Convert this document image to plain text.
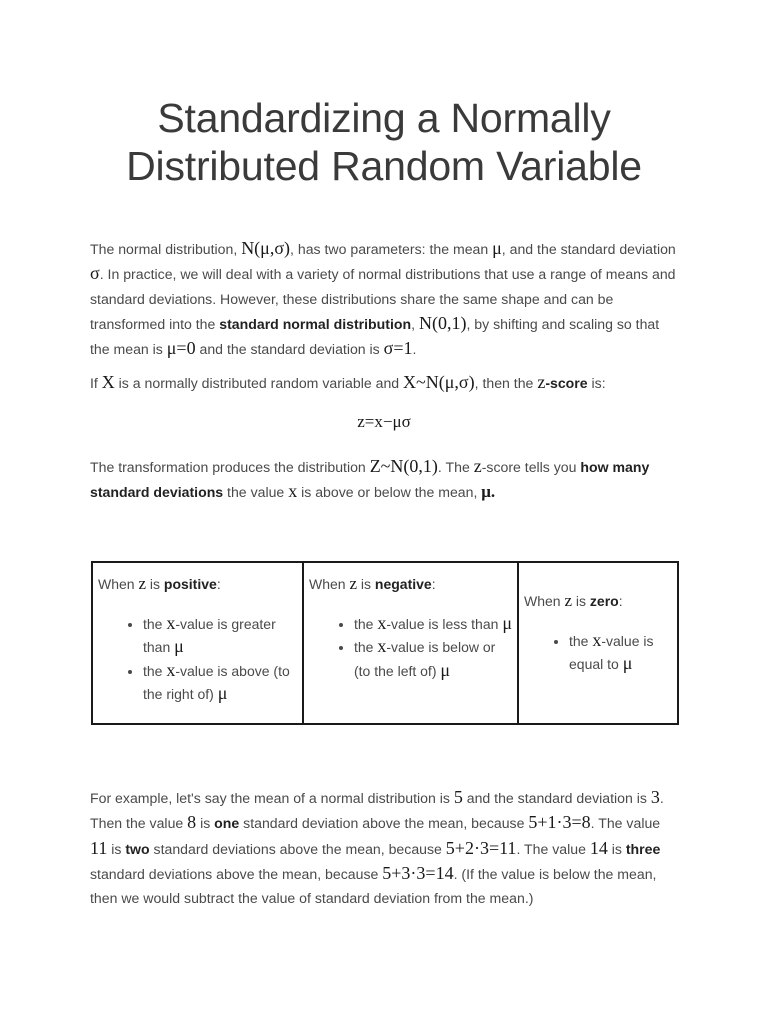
Standardizing a Normally
Distributed Random Variable

The normal distribution, N(μ,σ), has two parameters: the mean μ, and the standard deviation σ. In practice, we will deal with a variety of normal distributions that use a range of means and standard deviations. However, these distributions share the same shape and can be transformed into the standard normal distribution, N(0,1), by shifting and scaling so that the mean is μ=0 and the standard deviation is σ=1.

If X is a normally distributed random variable and X~N(μ,σ), then the z-score is:

z=x−μσ

The transformation produces the distribution Z~N(0,1). The z-score tells you how many standard deviations the value x is above or below the mean, μ.

When z is positive:
• the x-value is greater than μ
• the x-value is above (to the right of) μ

When z is negative:
• the x-value is less than μ
• the x-value is below or (to the left of) μ

When z is zero:
• the x-value is equal to μ

For example, let's say the mean of a normal distribution is 5 and the standard deviation is 3. Then the value 8 is one standard deviation above the mean, because 5+1·3=8. The value 11 is two standard deviations above the mean, because 5+2·3=11. The value 14 is three standard deviations above the mean, because 5+3·3=14. (If the value is below the mean, then we would subtract the value of standard deviation from the mean.)
